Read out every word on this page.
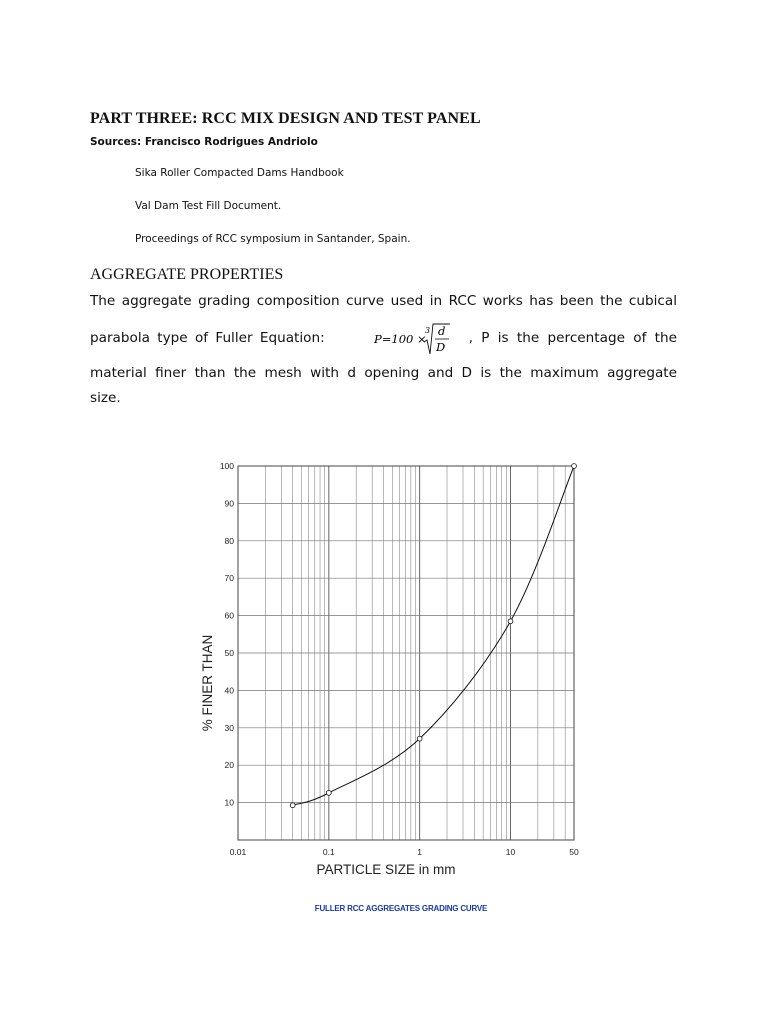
PART THREE: RCC MIX DESIGN AND TEST PANEL
Sources: Francisco Rodrigues Andriolo
Sika Roller Compacted Dams Handbook
Val Dam Test Fill Document.
Proceedings of RCC symposium in Santander, Spain.
AGGREGATE PROPERTIES
The aggregate grading composition curve used in RCC works has been the cubical
parabola type of Fuller Equation:	P=100 ×
3 d
D
, P is the percentage of the
material finer than the mesh with d opening and D is the maximum aggregate
size.
10
20
30
40
50
60
70
80
90
100
0.01	0.1	1	10	50
PARTICLE SIZE in mm
% FINER THAN
FULLER RCC AGGREGATES GRADING CURVE
